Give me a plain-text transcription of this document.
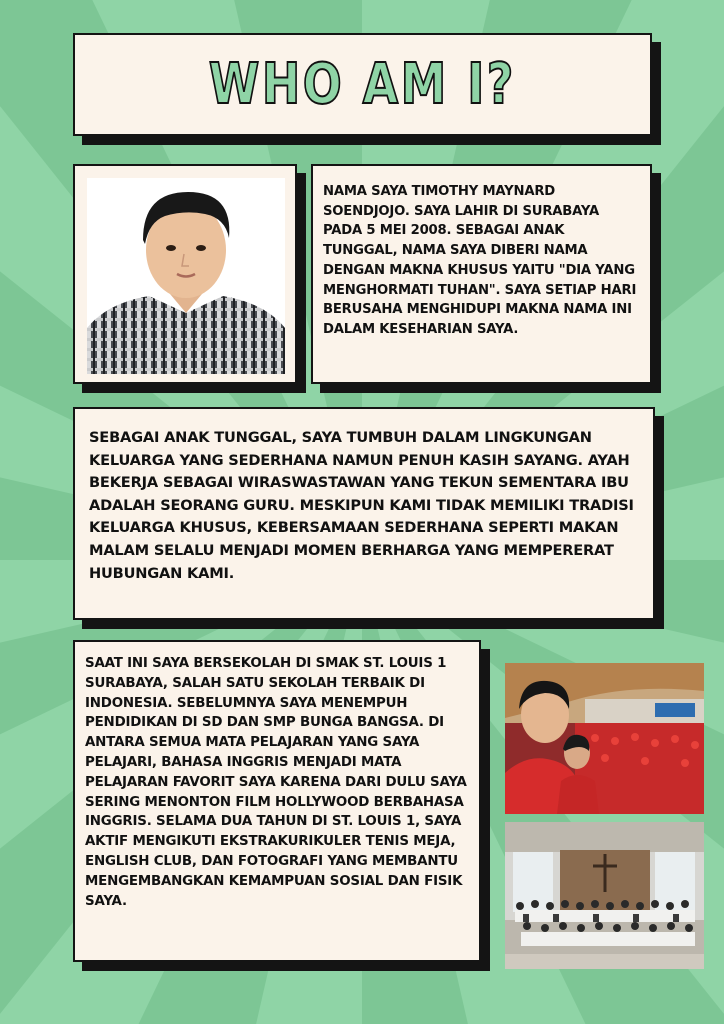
WHO AM I?

NAMA SAYA TIMOTHY MAYNARD SOENDJOJO. SAYA LAHIR DI SURABAYA PADA 5 MEI 2008. SEBAGAI ANAK TUNGGAL, NAMA SAYA DIBERI NAMA DENGAN MAKNA KHUSUS YAITU "DIA YANG MENGHORMATI TUHAN". SAYA SETIAP HARI BERUSAHA MENGHIDUPI MAKNA NAMA INI DALAM KESEHARIAN SAYA.

SEBAGAI ANAK TUNGGAL, SAYA TUMBUH DALAM LINGKUNGAN KELUARGA YANG SEDERHANA NAMUN PENUH KASIH SAYANG. AYAH BEKERJA SEBAGAI WIRASWASTAWAN YANG TEKUN SEMENTARA IBU ADALAH SEORANG GURU. MESKIPUN KAMI TIDAK MEMILIKI TRADISI KELUARGA KHUSUS, KEBERSAMAAN SEDERHANA SEPERTI MAKAN MALAM SELALU MENJADI MOMEN BERHARGA YANG MEMPERERAT HUBUNGAN KAMI.

SAAT INI SAYA BERSEKOLAH DI SMAK ST. LOUIS 1 SURABAYA, SALAH SATU SEKOLAH TERBAIK DI INDONESIA. SEBELUMNYA SAYA MENEMPUH PENDIDIKAN DI SD DAN SMP BUNGA BANGSA. DI ANTARA SEMUA MATA PELAJARAN YANG SAYA PELAJARI, BAHASA INGGRIS MENJADI MATA PELAJARAN FAVORIT SAYA KARENA DARI DULU SAYA SERING MENONTON FILM HOLLYWOOD BERBAHASA INGGRIS. SELAMA DUA TAHUN DI ST. LOUIS 1, SAYA AKTIF MENGIKUTI EKSTRAKURIKULER TENIS MEJA, ENGLISH CLUB, DAN FOTOGRAFI YANG MEMBANTU MENGEMBANGKAN KEMAMPUAN SOSIAL DAN FISIK SAYA.
